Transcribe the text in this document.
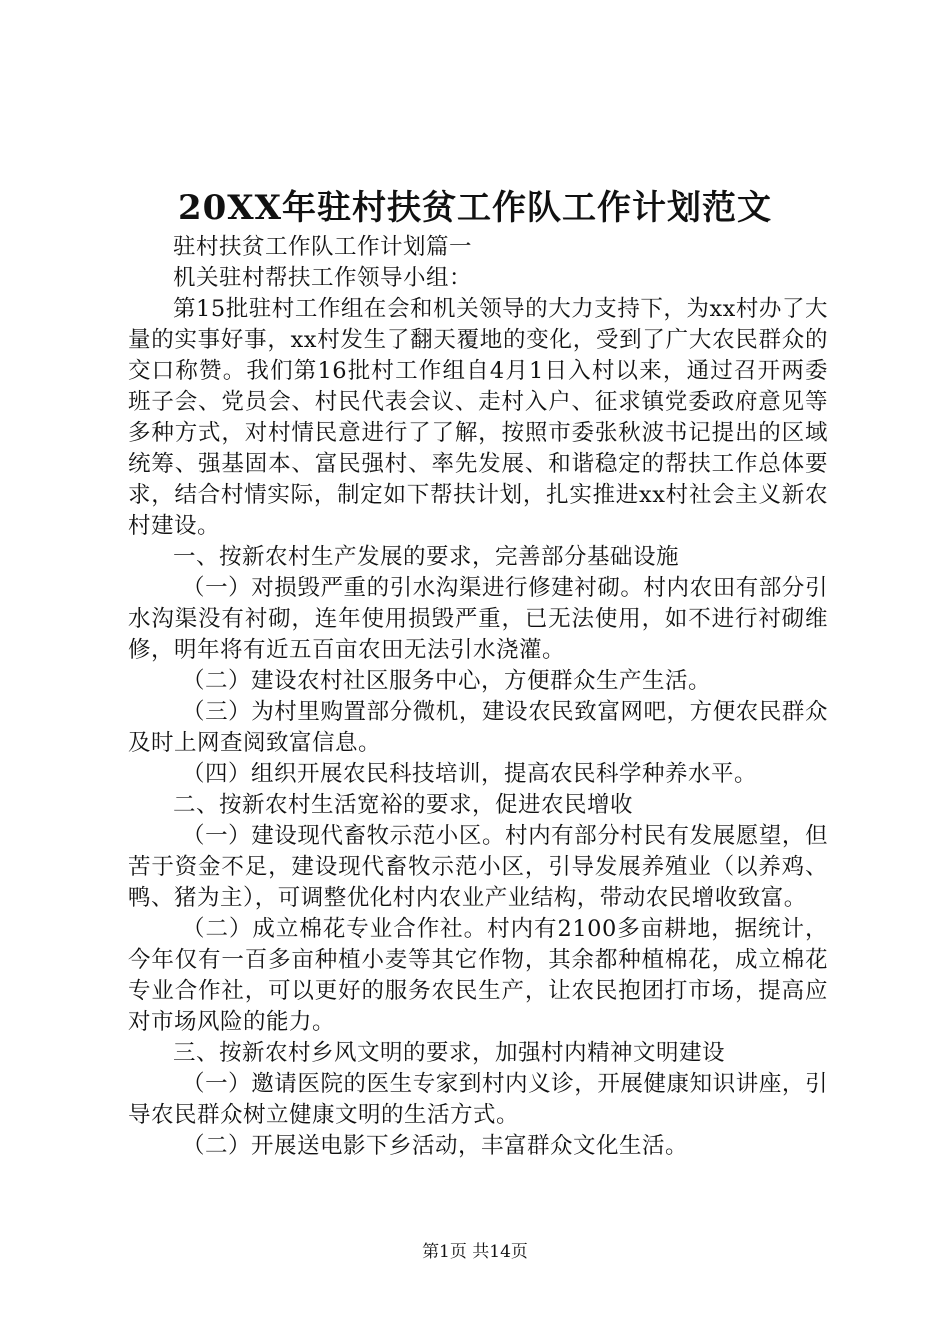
20XX年驻村扶贫工作队工作计划范文

驻村扶贫工作队工作计划篇一

机关驻村帮扶工作领导小组：

第15批驻村工作组在会和机关领导的大力支持下，为xx村办了大量的实事好事，xx村发生了翻天覆地的变化，受到了广大农民群众的交口称赞。我们第16批村工作组自4月1日入村以来，通过召开两委班子会、党员会、村民代表会议、走村入户、征求镇党委政府意见等多种方式，对村情民意进行了了解，按照市委张秋波书记提出的区域统筹、强基固本、富民强村、率先发展、和谐稳定的帮扶工作总体要求，结合村情实际，制定如下帮扶计划，扎实推进xx村社会主义新农村建设。

一、按新农村生产发展的要求，完善部分基础设施

（一）对损毁严重的引水沟渠进行修建衬砌。村内农田有部分引水沟渠没有衬砌，连年使用损毁严重，已无法使用，如不进行衬砌维修，明年将有近五百亩农田无法引水浇灌。

（二）建设农村社区服务中心，方便群众生产生活。

（三）为村里购置部分微机，建设农民致富网吧，方便农民群众及时上网查阅致富信息。

（四）组织开展农民科技培训，提高农民科学种养水平。

二、按新农村生活宽裕的要求，促进农民增收

（一）建设现代畜牧示范小区。村内有部分村民有发展愿望，但苦于资金不足，建设现代畜牧示范小区，引导发展养殖业（以养鸡、鸭、猪为主），可调整优化村内农业产业结构，带动农民增收致富。

（二）成立棉花专业合作社。村内有2100多亩耕地，据统计，今年仅有一百多亩种植小麦等其它作物，其余都种植棉花，成立棉花专业合作社，可以更好的服务农民生产，让农民抱团打市场，提高应对市场风险的能力。

三、按新农村乡风文明的要求，加强村内精神文明建设

（一）邀请医院的医生专家到村内义诊，开展健康知识讲座，引导农民群众树立健康文明的生活方式。

（二）开展送电影下乡活动，丰富群众文化生活。

第1页 共14页
